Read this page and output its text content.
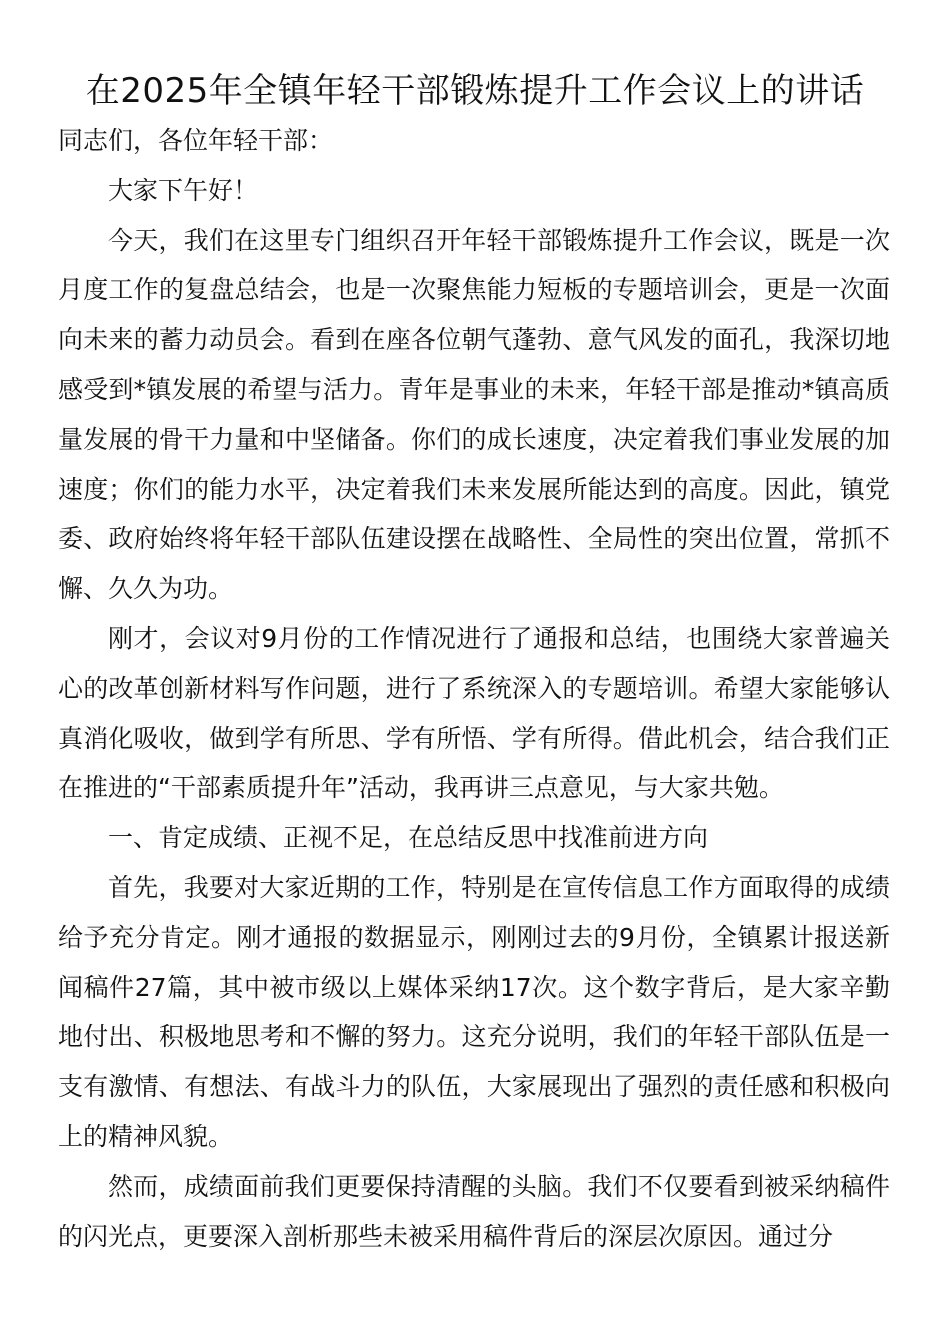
在2025年全镇年轻干部锻炼提升工作会议上的讲话

同志们，各位年轻干部：

大家下午好！

今天，我们在这里专门组织召开年轻干部锻炼提升工作会议，既是一次月度工作的复盘总结会，也是一次聚焦能力短板的专题培训会，更是一次面向未来的蓄力动员会。看到在座各位朝气蓬勃、意气风发的面孔，我深切地感受到*镇发展的希望与活力。青年是事业的未来，年轻干部是推动*镇高质量发展的骨干力量和中坚储备。你们的成长速度，决定着我们事业发展的加速度；你们的能力水平，决定着我们未来发展所能达到的高度。因此，镇党委、政府始终将年轻干部队伍建设摆在战略性、全局性的突出位置，常抓不懈、久久为功。

刚才，会议对9月份的工作情况进行了通报和总结，也围绕大家普遍关心的改革创新材料写作问题，进行了系统深入的专题培训。希望大家能够认真消化吸收，做到学有所思、学有所悟、学有所得。借此机会，结合我们正在推进的“干部素质提升年”活动，我再讲三点意见，与大家共勉。

一、肯定成绩、正视不足，在总结反思中找准前进方向

首先，我要对大家近期的工作，特别是在宣传信息工作方面取得的成绩给予充分肯定。刚才通报的数据显示，刚刚过去的9月份，全镇累计报送新闻稿件27篇，其中被市级以上媒体采纳17次。这个数字背后，是大家辛勤地付出、积极地思考和不懈的努力。这充分说明，我们的年轻干部队伍是一支有激情、有想法、有战斗力的队伍，大家展现出了强烈的责任感和积极向上的精神风貌。

然而，成绩面前我们更要保持清醒的头脑。我们不仅要看到被采纳稿件的闪光点，更要深入剖析那些未被采用稿件背后的深层次原因。通过分
